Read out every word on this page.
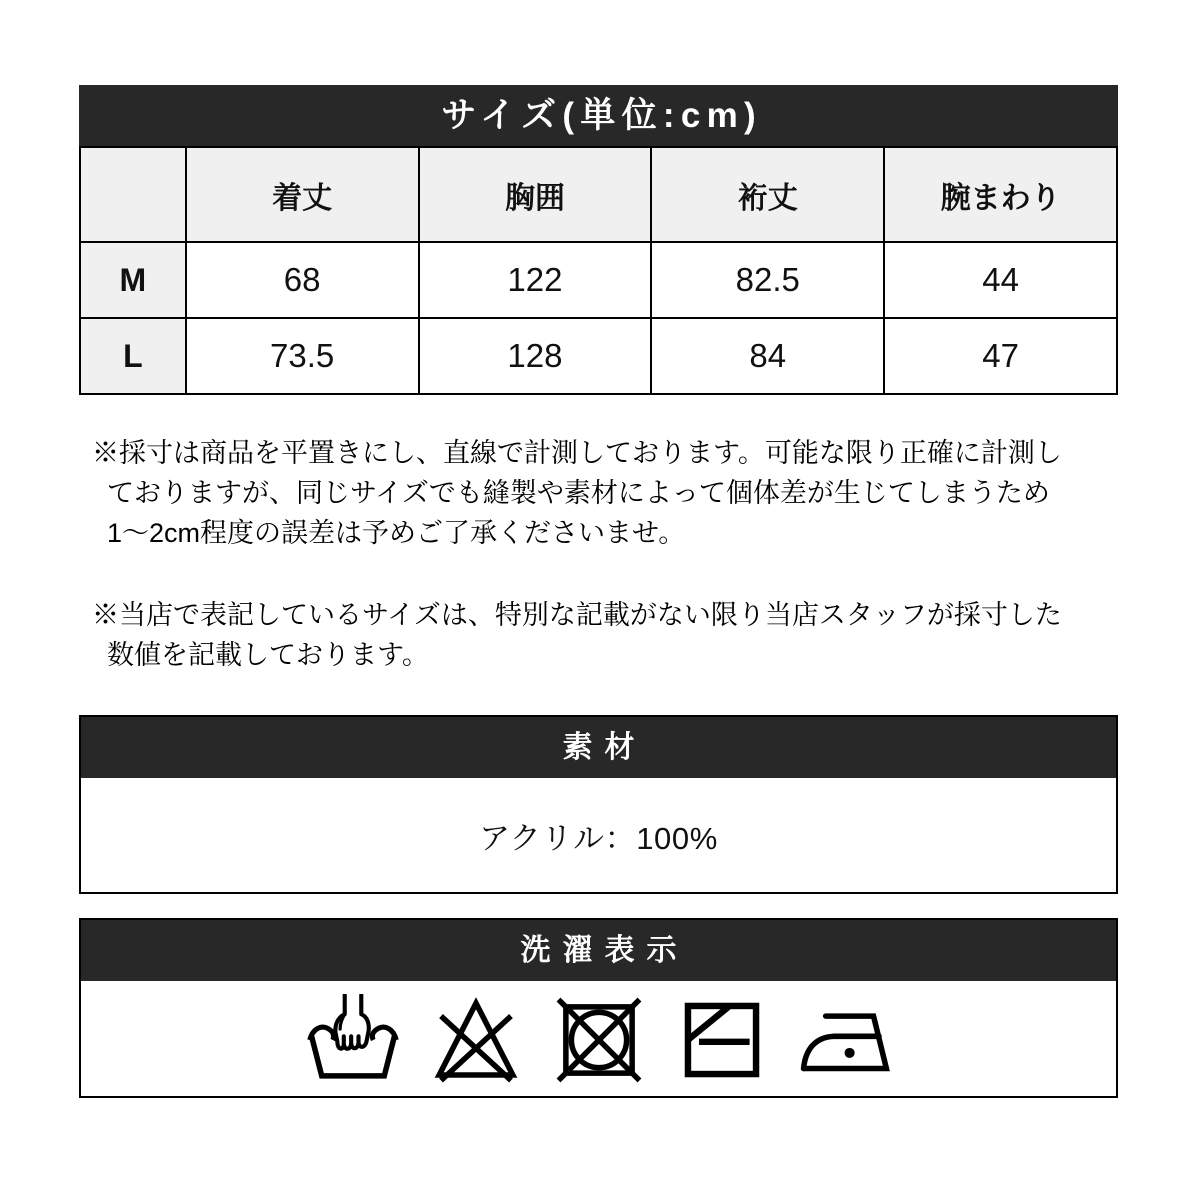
サイズ(単位:cm)
	着丈	胸囲	裄丈	腕まわり
M	68	122	82.5	44
L	73.5	128	84	47
※採寸は商品を平置きにし、直線で計測しております。可能な限り正確に計測し
ておりますが、同じサイズでも縫製や素材によって個体差が生じてしまうため
1〜2cm程度の誤差は予めご了承くださいませ。
※当店で表記しているサイズは、特別な記載がない限り当店スタッフが採寸した
数値を記載しております。
素材
アクリル：100%
洗濯表示
